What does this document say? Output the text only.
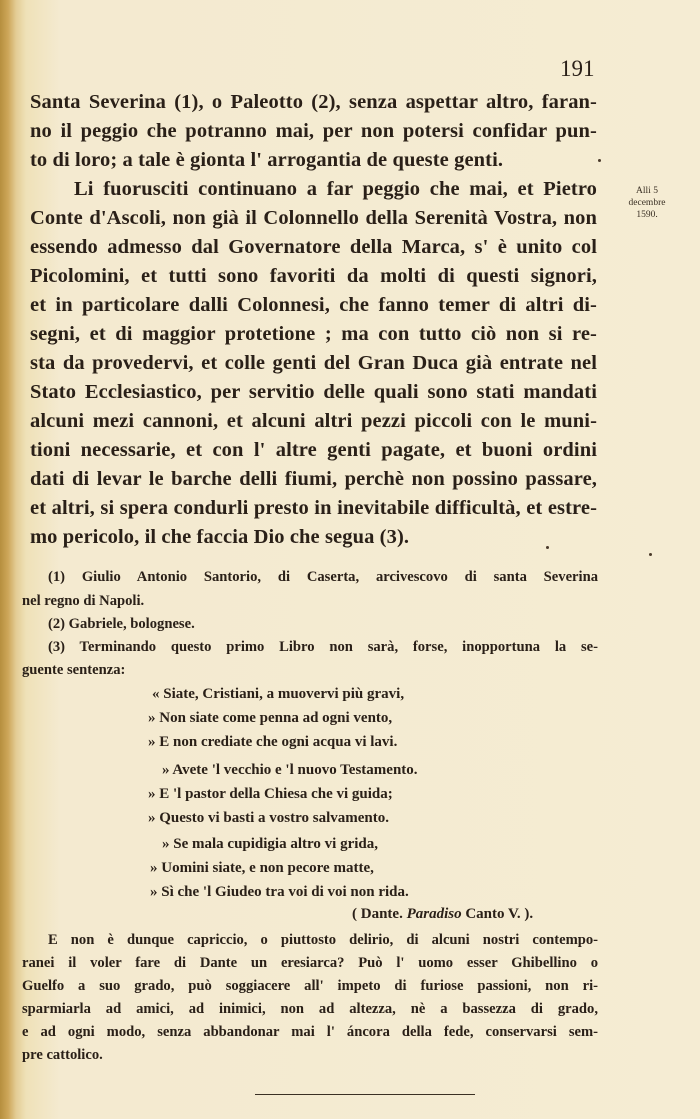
191
Alli 5
decembre
1590.
Santa Severina (1), o Paleotto (2), senza aspettar altro, faran-
no il peggio che potranno mai, per non potersi confidar pun-
to di loro; a tale è gionta l' arrogantia de queste genti.
Li fuorusciti continuano a far peggio che mai, et Pietro
Conte d'Ascoli, non già il Colonnello della Serenità Vostra, non
essendo admesso dal Governatore della Marca, s' è unito col
Picolomini, et tutti sono favoriti da molti di questi signori,
et in particolare dalli Colonnesi, che fanno temer di altri di-
segni, et di maggior protetione ; ma con tutto ciò non si re-
sta da provedervi, et colle genti del Gran Duca già entrate nel
Stato Ecclesiastico, per servitio delle quali sono stati mandati
alcuni mezi cannoni, et alcuni altri pezzi piccoli con le muni-
tioni necessarie, et con l' altre genti pagate, et buoni ordini
dati di levar le barche delli fiumi, perchè non possino passare,
et altri, si spera condurli presto in inevitabile difficultà, et estre-
mo pericolo, il che faccia Dio che segua (3).
(1) Giulio Antonio Santorio, di Caserta, arcivescovo di santa Severina
nel regno di Napoli.
(2) Gabriele, bolognese.
(3) Terminando questo primo Libro non sarà, forse, inopportuna la se-
guente sentenza:
« Siate, Cristiani, a muovervi più gravi,
» Non siate come penna ad ogni vento,
» E non crediate che ogni acqua vi lavi.
» Avete 'l vecchio e 'l nuovo Testamento.
» E 'l pastor della Chiesa che vi guida;
» Questo vi basti a vostro salvamento.
» Se mala cupidigia altro vi grida,
» Uomini siate, e non pecore matte,
» Sì che 'l Giudeo tra voi di voi non rida.
( Dante. Paradiso Canto V. ).
E non è dunque capriccio, o piuttosto delirio, di alcuni nostri contempo-
ranei il voler fare di Dante un eresiarca? Può l' uomo esser Ghibellino o
Guelfo a suo grado, può soggiacere all' impeto di furiose passioni, non ri-
sparmiarla ad amici, ad inimici, non ad altezza, nè a bassezza di grado,
e ad ogni modo, senza abbandonar mai l' áncora della fede, conservarsi sem-
pre cattolico.
